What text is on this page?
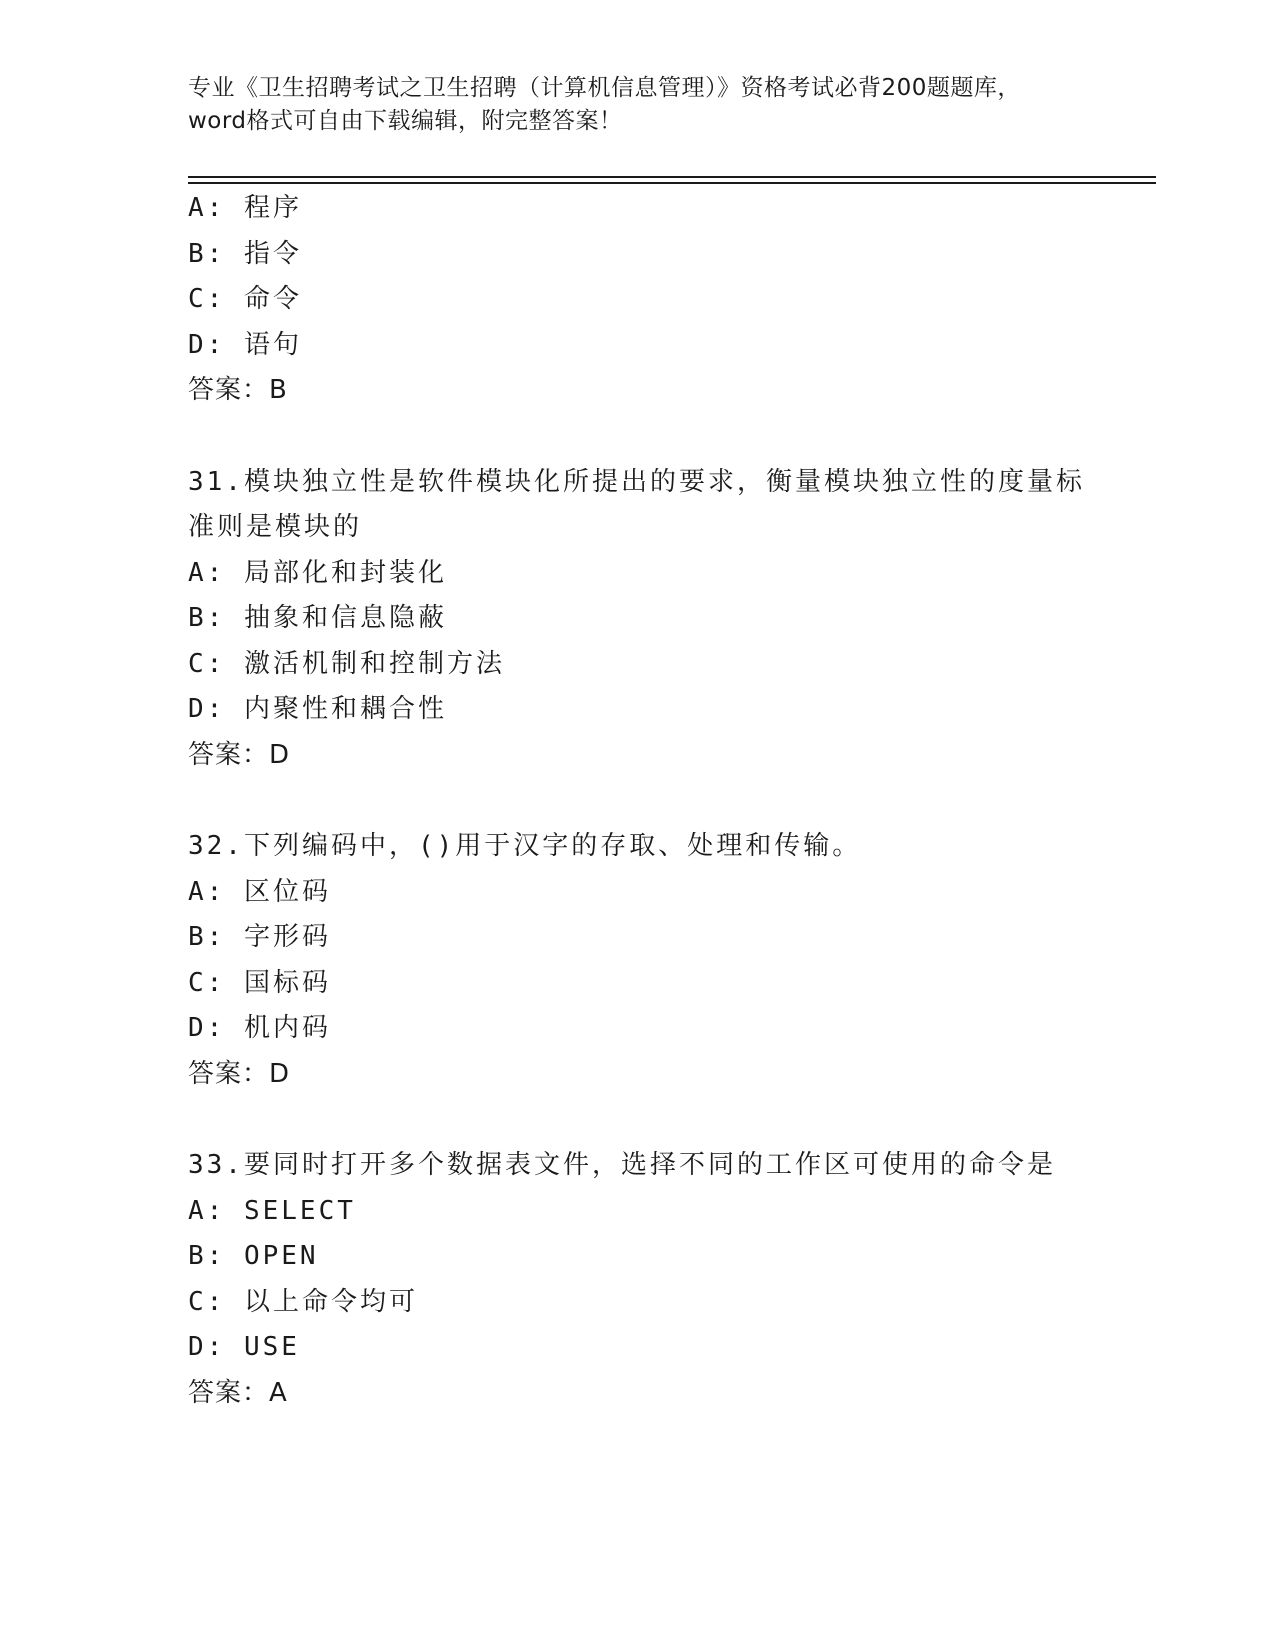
专业《卫生招聘考试之卫生招聘（计算机信息管理）》资格考试必背200题题库，
word格式可自由下载编辑，附完整答案！
A: 程序
B: 指令
C: 命令
D: 语句
答案：B
31.模块独立性是软件模块化所提出的要求，衡量模块独立性的度量标
准则是模块的
A: 局部化和封装化
B: 抽象和信息隐蔽
C: 激活机制和控制方法
D: 内聚性和耦合性
答案：D
32.下列编码中，()用于汉字的存取、处理和传输。
A: 区位码
B: 字形码
C: 国标码
D: 机内码
答案：D
33.要同时打开多个数据表文件，选择不同的工作区可使用的命令是
A: SELECT
B: OPEN
C: 以上命令均可
D: USE
答案：A
